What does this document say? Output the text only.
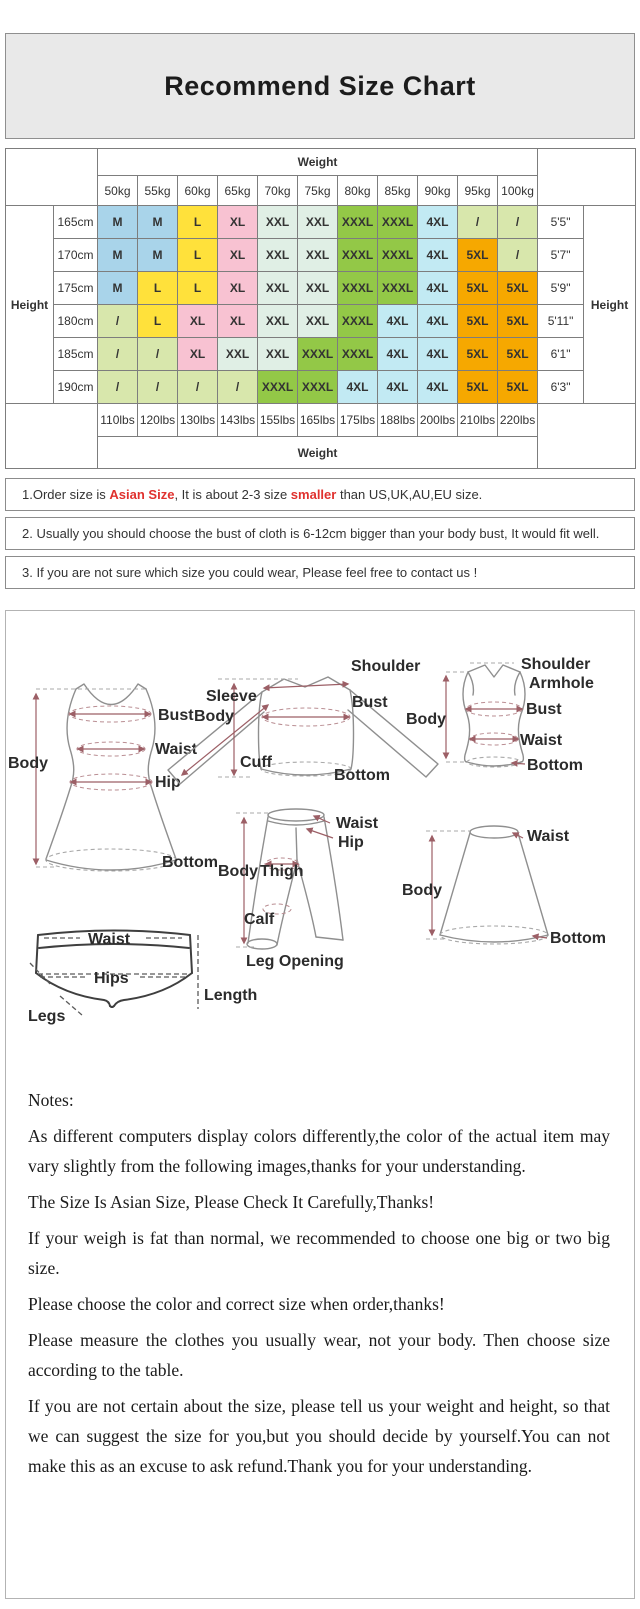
Recommend Size Chart
		Weight												
		50kg	55kg	60kg	65kg	70kg	75kg	80kg	85kg	90kg	95kg	100kg		
Height	165cm	M	M	L	XL	XXL	XXL	XXXL	XXXL	4XL	/	/	5'5"	Height
	170cm	M	M	L	XL	XXL	XXL	XXXL	XXXL	4XL	5XL	/	5'7"	
	175cm	M	L	L	XL	XXL	XXL	XXXL	XXXL	4XL	5XL	5XL	5'9"	
	180cm	/	L	XL	XL	XXL	XXL	XXXL	4XL	4XL	5XL	5XL	5'11"	
	185cm	/	/	XL	XXL	XXL	XXXL	XXXL	4XL	4XL	5XL	5XL	6'1"	
	190cm	/	/	/	/	XXXL	XXXL	4XL	4XL	4XL	5XL	5XL	6'3"	
		110lbs	120lbs	130lbs	143lbs	155lbs	165lbs	175lbs	188lbs	200lbs	210lbs	220lbs		
		Weight												
1.Order size is Asian Size , It is about 2-3 size smaller than US,UK,AU,EU size.
2. Usually you should choose the bust of cloth is 6-12cm bigger than your body bust, It would fit well.
3. If you are not sure which size you could wear, Please feel free to contact us !
Bust
Waist
Hip
Body
Bottom
Shoulder
Sleeve
Body
Bust
Cuff
Bottom
Shoulder
Armhole
Bust
Body
Waist
Bottom
Waist
Hip
Body Thigh
Calf
Leg Opening
Waist
Body
Bottom
Waist
Hips
Legs
Length

Notes:

As different computers display colors differently,the color of the actual item may vary slightly from the following images,thanks for your understanding.

The Size Is Asian Size, Please Check It Carefully,Thanks!

If your weigh is fat than normal, we recommended to choose one big or two big size.

Please choose the color and correct size when order,thanks!

Please measure the clothes you usually wear, not your body. Then choose size according to the table.

If you are not certain about the size, please tell us your weight and height, so that we can suggest the size for you,but you should decide by yourself.You can not make this as an excuse to ask refund.Thank you for your understanding.
